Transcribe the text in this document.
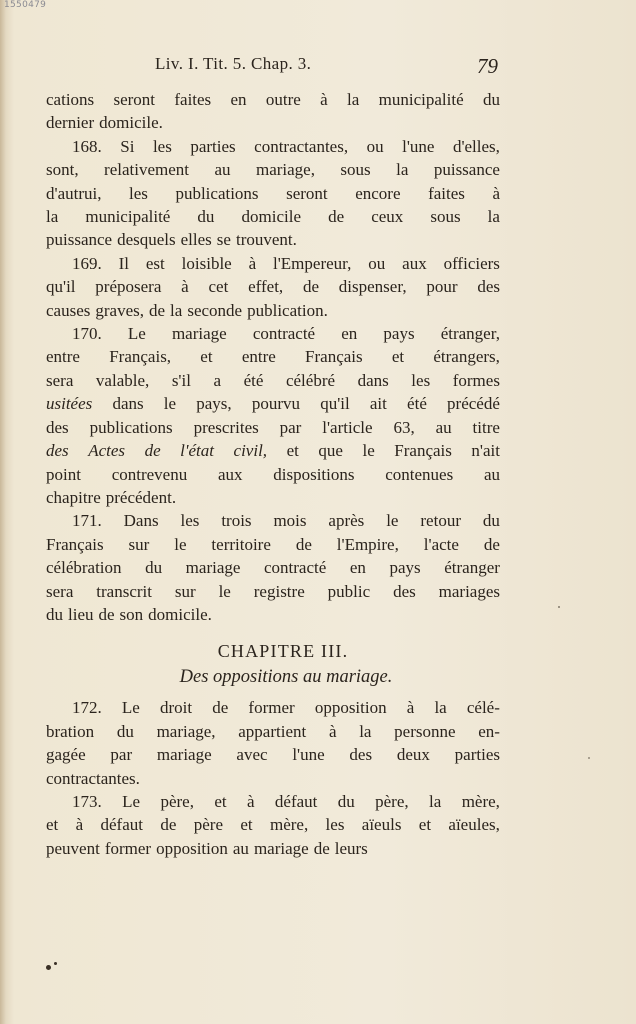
1550479
Liv. I. Tit. 5. Chap. 3.	79
cations seront faites en outre à la municipalité du
dernier domicile.
168. Si les parties contractantes, ou l'une d'elles,
sont, relativement au mariage, sous la puissance
d'autrui, les publications seront encore faites à
la municipalité du domicile de ceux sous la
puissance desquels elles se trouvent.
169. Il est loisible à l'Empereur, ou aux officiers
qu'il préposera à cet effet, de dispenser, pour des
causes graves, de la seconde publication.
170. Le mariage contracté en pays étranger,
entre Français, et entre Français et étrangers,
sera valable, s'il a été célébré dans les formes
usitées dans le pays, pourvu qu'il ait été précédé
des publications prescrites par l'article 63, au titre
des Actes de l'état civil, et que le Français n'ait
point contrevenu aux dispositions contenues au
chapitre précédent.
171. Dans les trois mois après le retour du
Français sur le territoire de l'Empire, l'acte de
célébration du mariage contracté en pays étranger
sera transcrit sur le registre public des mariages
du lieu de son domicile.
CHAPITRE III.
Des oppositions au mariage.
172. Le droit de former opposition à la célé-
bration du mariage, appartient à la personne en-
gagée par mariage avec l'une des deux parties
contractantes.
173. Le père, et à défaut du père, la mère,
et à défaut de père et mère, les aïeuls et aïeules,
peuvent former opposition au mariage de leurs
